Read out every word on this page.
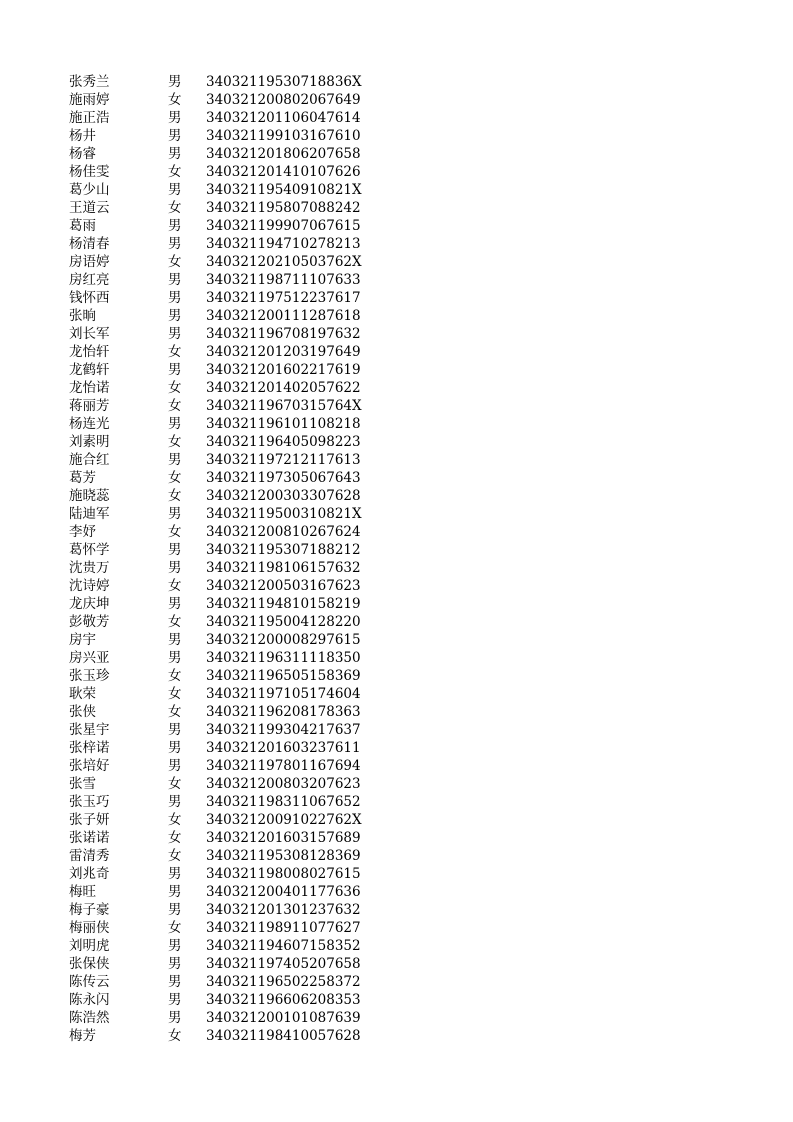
张秀兰	男	34032119530718836X
施雨婷	女	340321200802067649
施正浩	男	340321201106047614
杨井	男	340321199103167610
杨睿	男	340321201806207658
杨佳雯	女	340321201410107626
葛少山	男	34032119540910821X
王道云	女	340321195807088242
葛雨	男	340321199907067615
杨清春	男	340321194710278213
房语婷	女	34032120210503762X
房红亮	男	340321198711107633
钱怀西	男	340321197512237617
张晌	男	340321200111287618
刘长军	男	340321196708197632
龙怡轩	女	340321201203197649
龙鹤轩	男	340321201602217619
龙怡诺	女	340321201402057622
蒋丽芳	女	34032119670315764X
杨连光	男	340321196101108218
刘素明	女	340321196405098223
施合红	男	340321197212117613
葛芳	女	340321197305067643
施晓蕊	女	340321200303307628
陆迪军	男	34032119500310821X
李妤	女	340321200810267624
葛怀学	男	340321195307188212
沈贵万	男	340321198106157632
沈诗婷	女	340321200503167623
龙庆坤	男	340321194810158219
彭敬芳	女	340321195004128220
房宇	男	340321200008297615
房兴亚	男	340321196311118350
张玉珍	女	340321196505158369
耿荣	女	340321197105174604
张侠	女	340321196208178363
张星宇	男	340321199304217637
张梓诺	男	340321201603237611
张培好	男	340321197801167694
张雪	女	340321200803207623
张玉巧	男	340321198311067652
张子妍	女	34032120091022762X
张诺诺	女	340321201603157689
雷清秀	女	340321195308128369
刘兆奇	男	340321198008027615
梅旺	男	340321200401177636
梅子豪	男	340321201301237632
梅丽侠	女	340321198911077627
刘明虎	男	340321194607158352
张保侠	男	340321197405207658
陈传云	男	340321196502258372
陈永闪	男	340321196606208353
陈浩然	男	340321200101087639
梅芳	女	340321198410057628
